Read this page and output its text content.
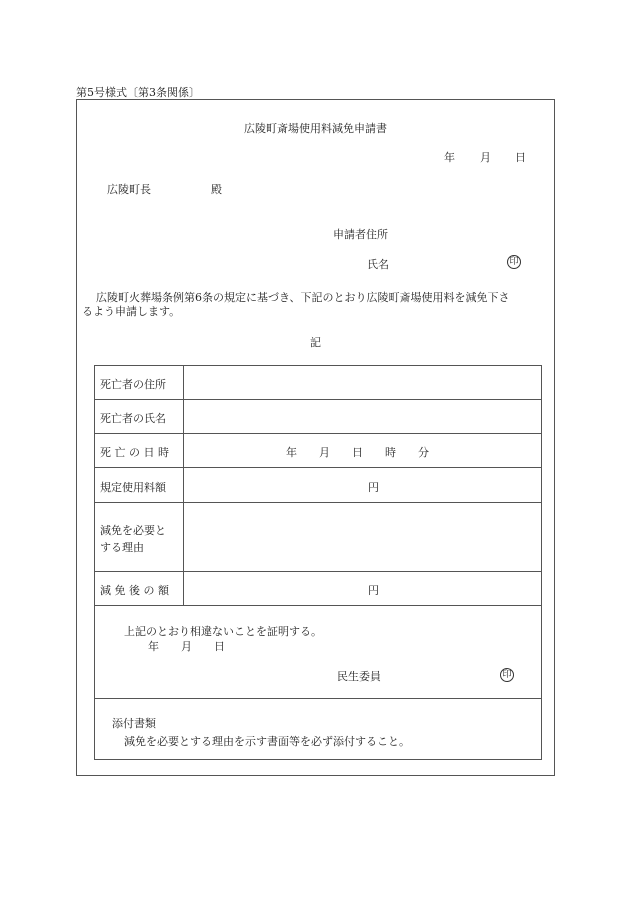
第5号様式〔第3条関係〕
広陵町斎場使用料減免申請書
年 月 日
広陵町長	殿
申請者住所
氏名	印
広陵町火葬場条例第6条の規定に基づき、下記のとおり広陵町斎場使用料を減免下さ
るよう申請します。
記
死亡者の住所
死亡者の氏名
死 亡 の 日 時	年　　月　　日　　時　　分
規定使用料額	円
減免を必要と
する理由
減 免 後 の 額	円
上記のとおり相違ないことを証明する。
年　　月　　日
民生委員	印
添付書類
減免を必要とする理由を示す書面等を必ず添付すること。
